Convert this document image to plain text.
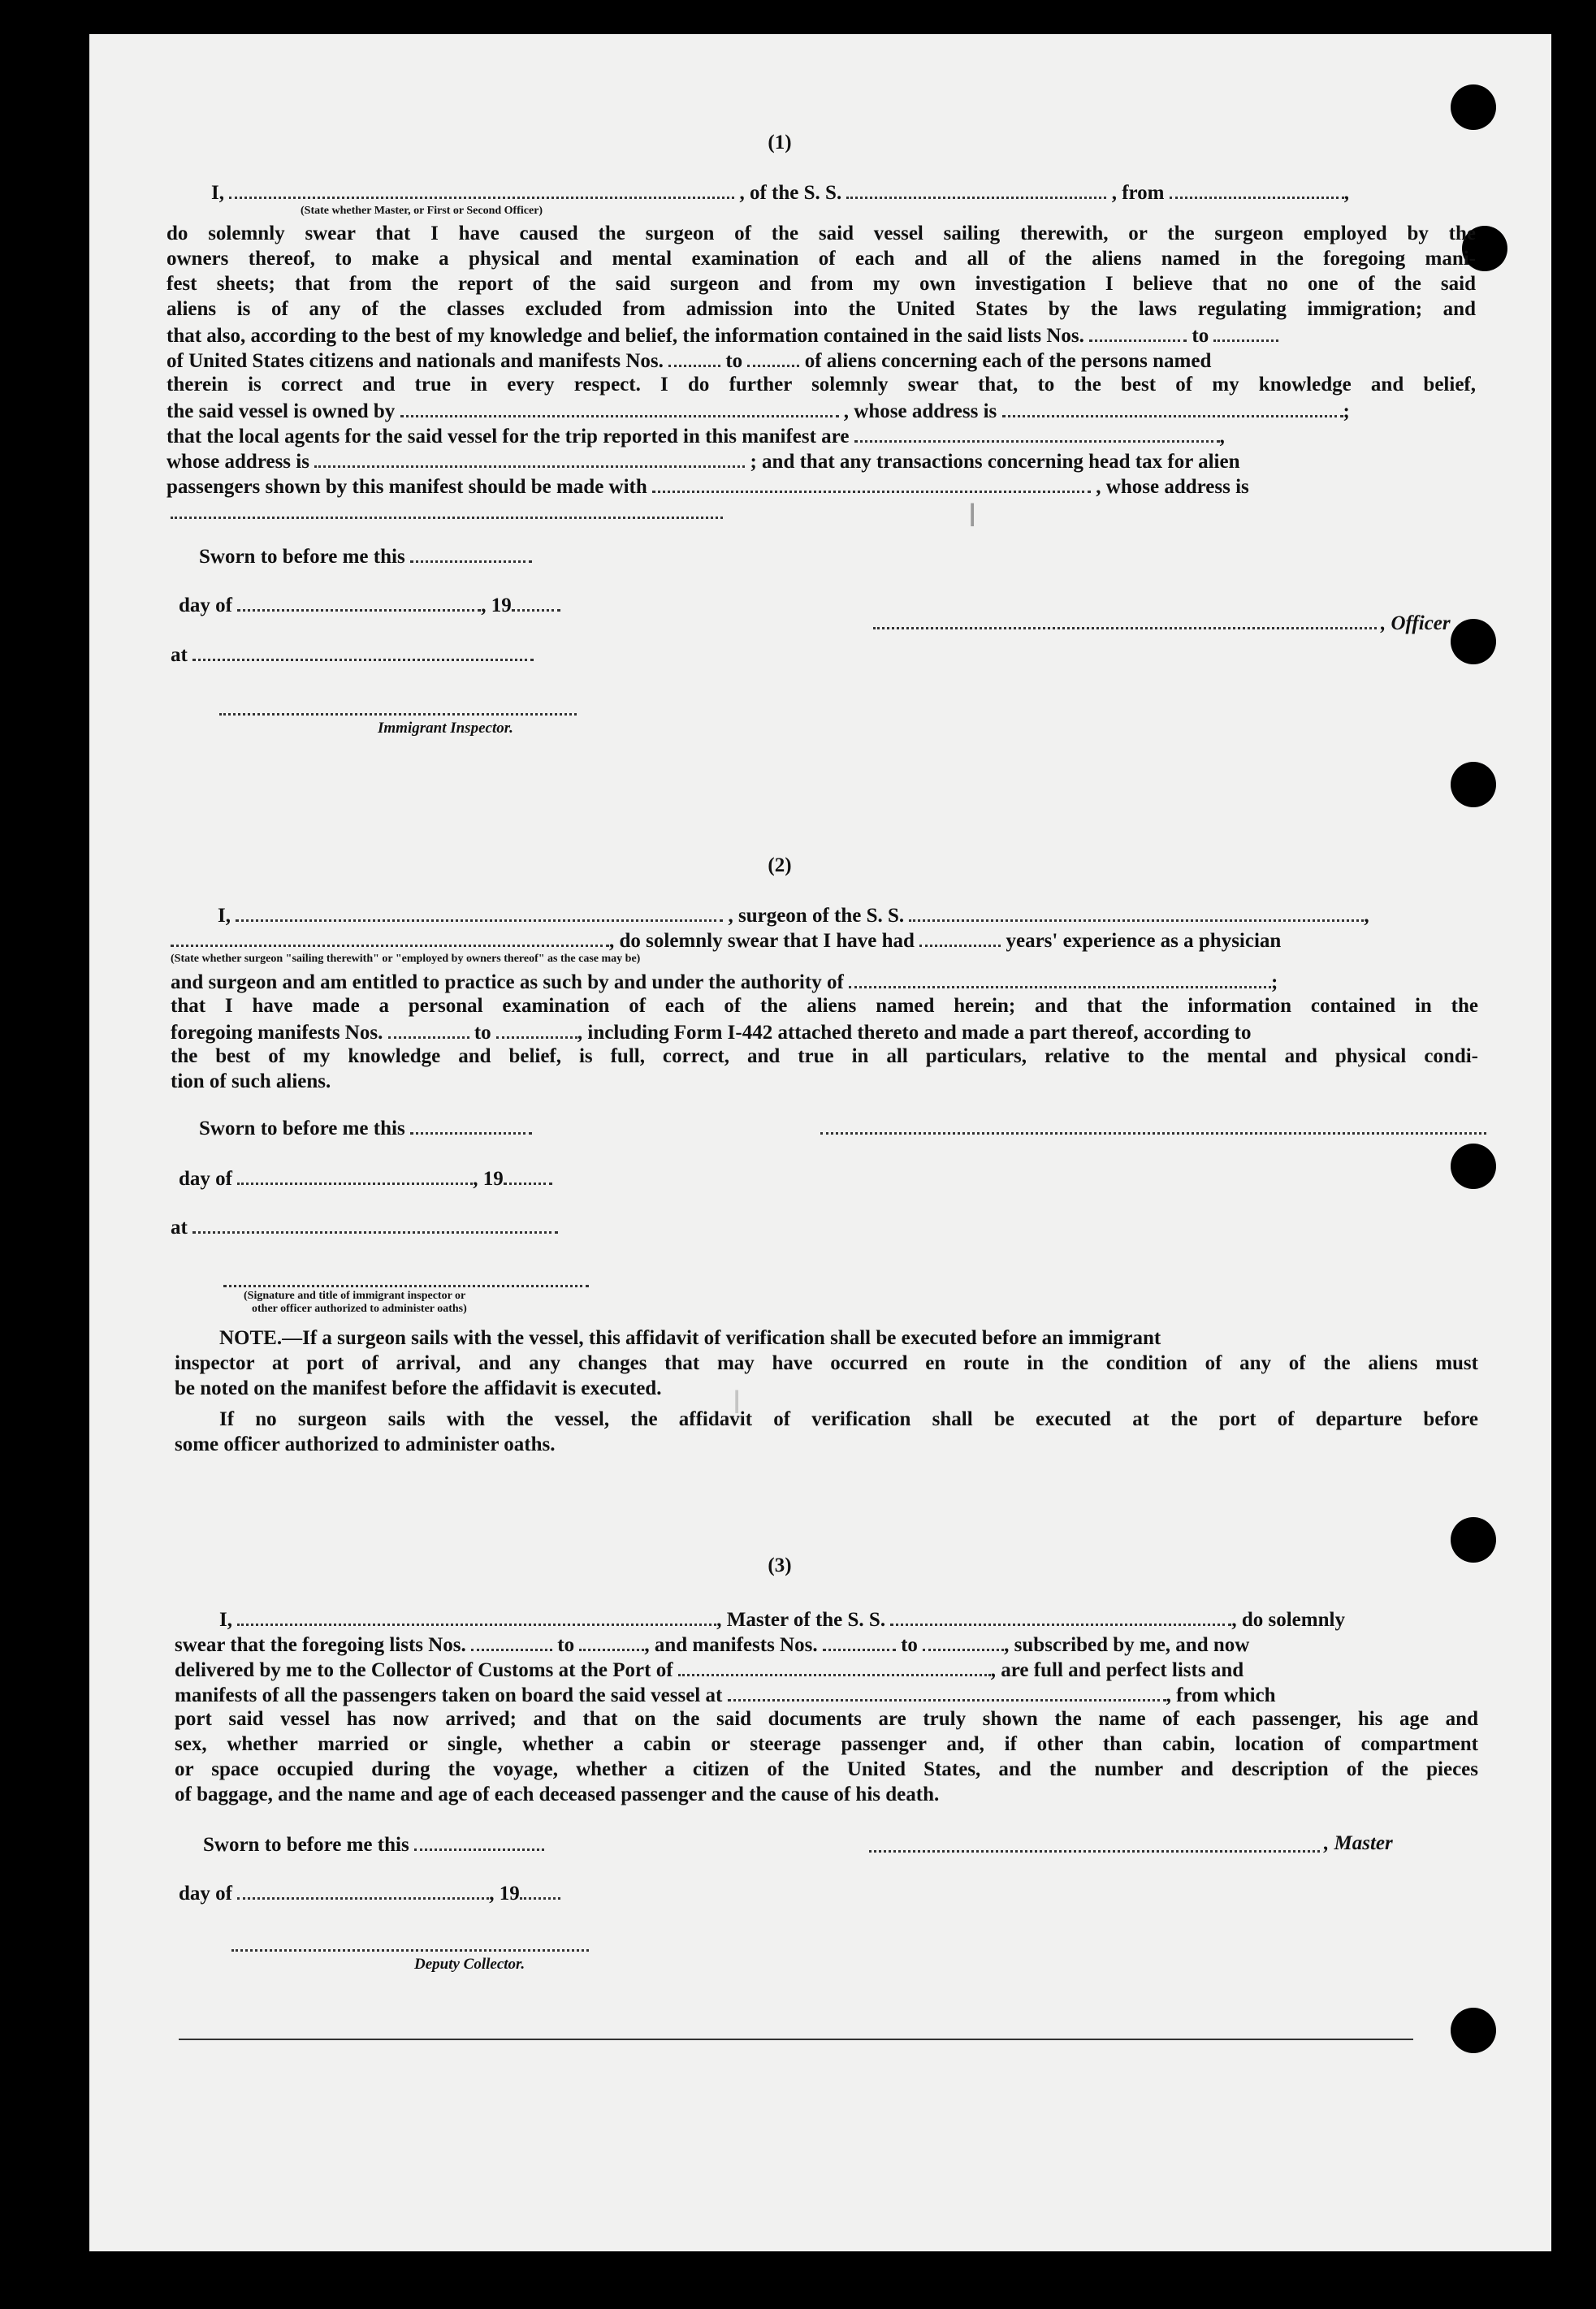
┃
┃
(1)
I,	, of the S. S.	, from	,
(State whether Master, or First or Second Officer)
do solemnly swear that I have caused the surgeon of the said vessel sailing therewith, or the surgeon employed by the
owners thereof, to make a physical and mental examination of each and all of the aliens named in the foregoing mani-
fest sheets; that from the report of the said surgeon and from my own investigation I believe that no one of the said
aliens is of any of the classes excluded from admission into the United States by the laws regulating immigration; and
that also, according to the best of my knowledge and belief, the information contained in the said lists Nos.	to
of United States citizens and nationals and manifests Nos.	to	of aliens concerning each of the persons named
therein is correct and true in every respect. I do further solemnly swear that, to the best of my knowledge and belief,
the said vessel is owned by	, whose address is	;
that the local agents for the said vessel for the trip reported in this manifest are	,
whose address is	; and that any transactions concerning head tax for alien
passengers shown by this manifest should be made with	, whose address is
Sworn to before me this
day of	, 19
at
, Officer
Immigrant Inspector.
(2)
I,	, surgeon of the S. S.	,
, do solemnly swear that I have had	years' experience as a physician
(State whether surgeon "sailing therewith" or "employed by owners thereof" as the case may be)
and surgeon and am entitled to practice as such by and under the authority of	;
that I have made a personal examination of each of the aliens named herein; and that the information contained in the
foregoing manifests Nos.	to	, including Form I-442 attached thereto and made a part thereof, according to
the best of my knowledge and belief, is full, correct, and true in all particulars, relative to the mental and physical condi-
tion of such aliens.
Sworn to before me this
day of	, 19
at
(Signature and title of immigrant inspector or
other officer authorized to administer oaths)
NOTE.—If a surgeon sails with the vessel, this affidavit of verification shall be executed before an immigrant
inspector at port of arrival, and any changes that may have occurred en route in the condition of any of the aliens must
be noted on the manifest before the affidavit is executed.
If no surgeon sails with the vessel, the affidavit of verification shall be executed at the port of departure before
some officer authorized to administer oaths.
(3)
I,	, Master of the S. S.	, do solemnly
swear that the foregoing lists Nos.	to	, and manifests Nos.	to	, subscribed by me, and now
delivered by me to the Collector of Customs at the Port of	, are full and perfect lists and
manifests of all the passengers taken on board the said vessel at	, from which
port said vessel has now arrived; and that on the said documents are truly shown the name of each passenger, his age and
sex, whether married or single, whether a cabin or steerage passenger and, if other than cabin, location of compartment
or space occupied during the voyage, whether a citizen of the United States, and the number and description of the pieces
of baggage, and the name and age of each deceased passenger and the cause of his death.
Sworn to before me this	, Master
day of	, 19
Deputy Collector.
